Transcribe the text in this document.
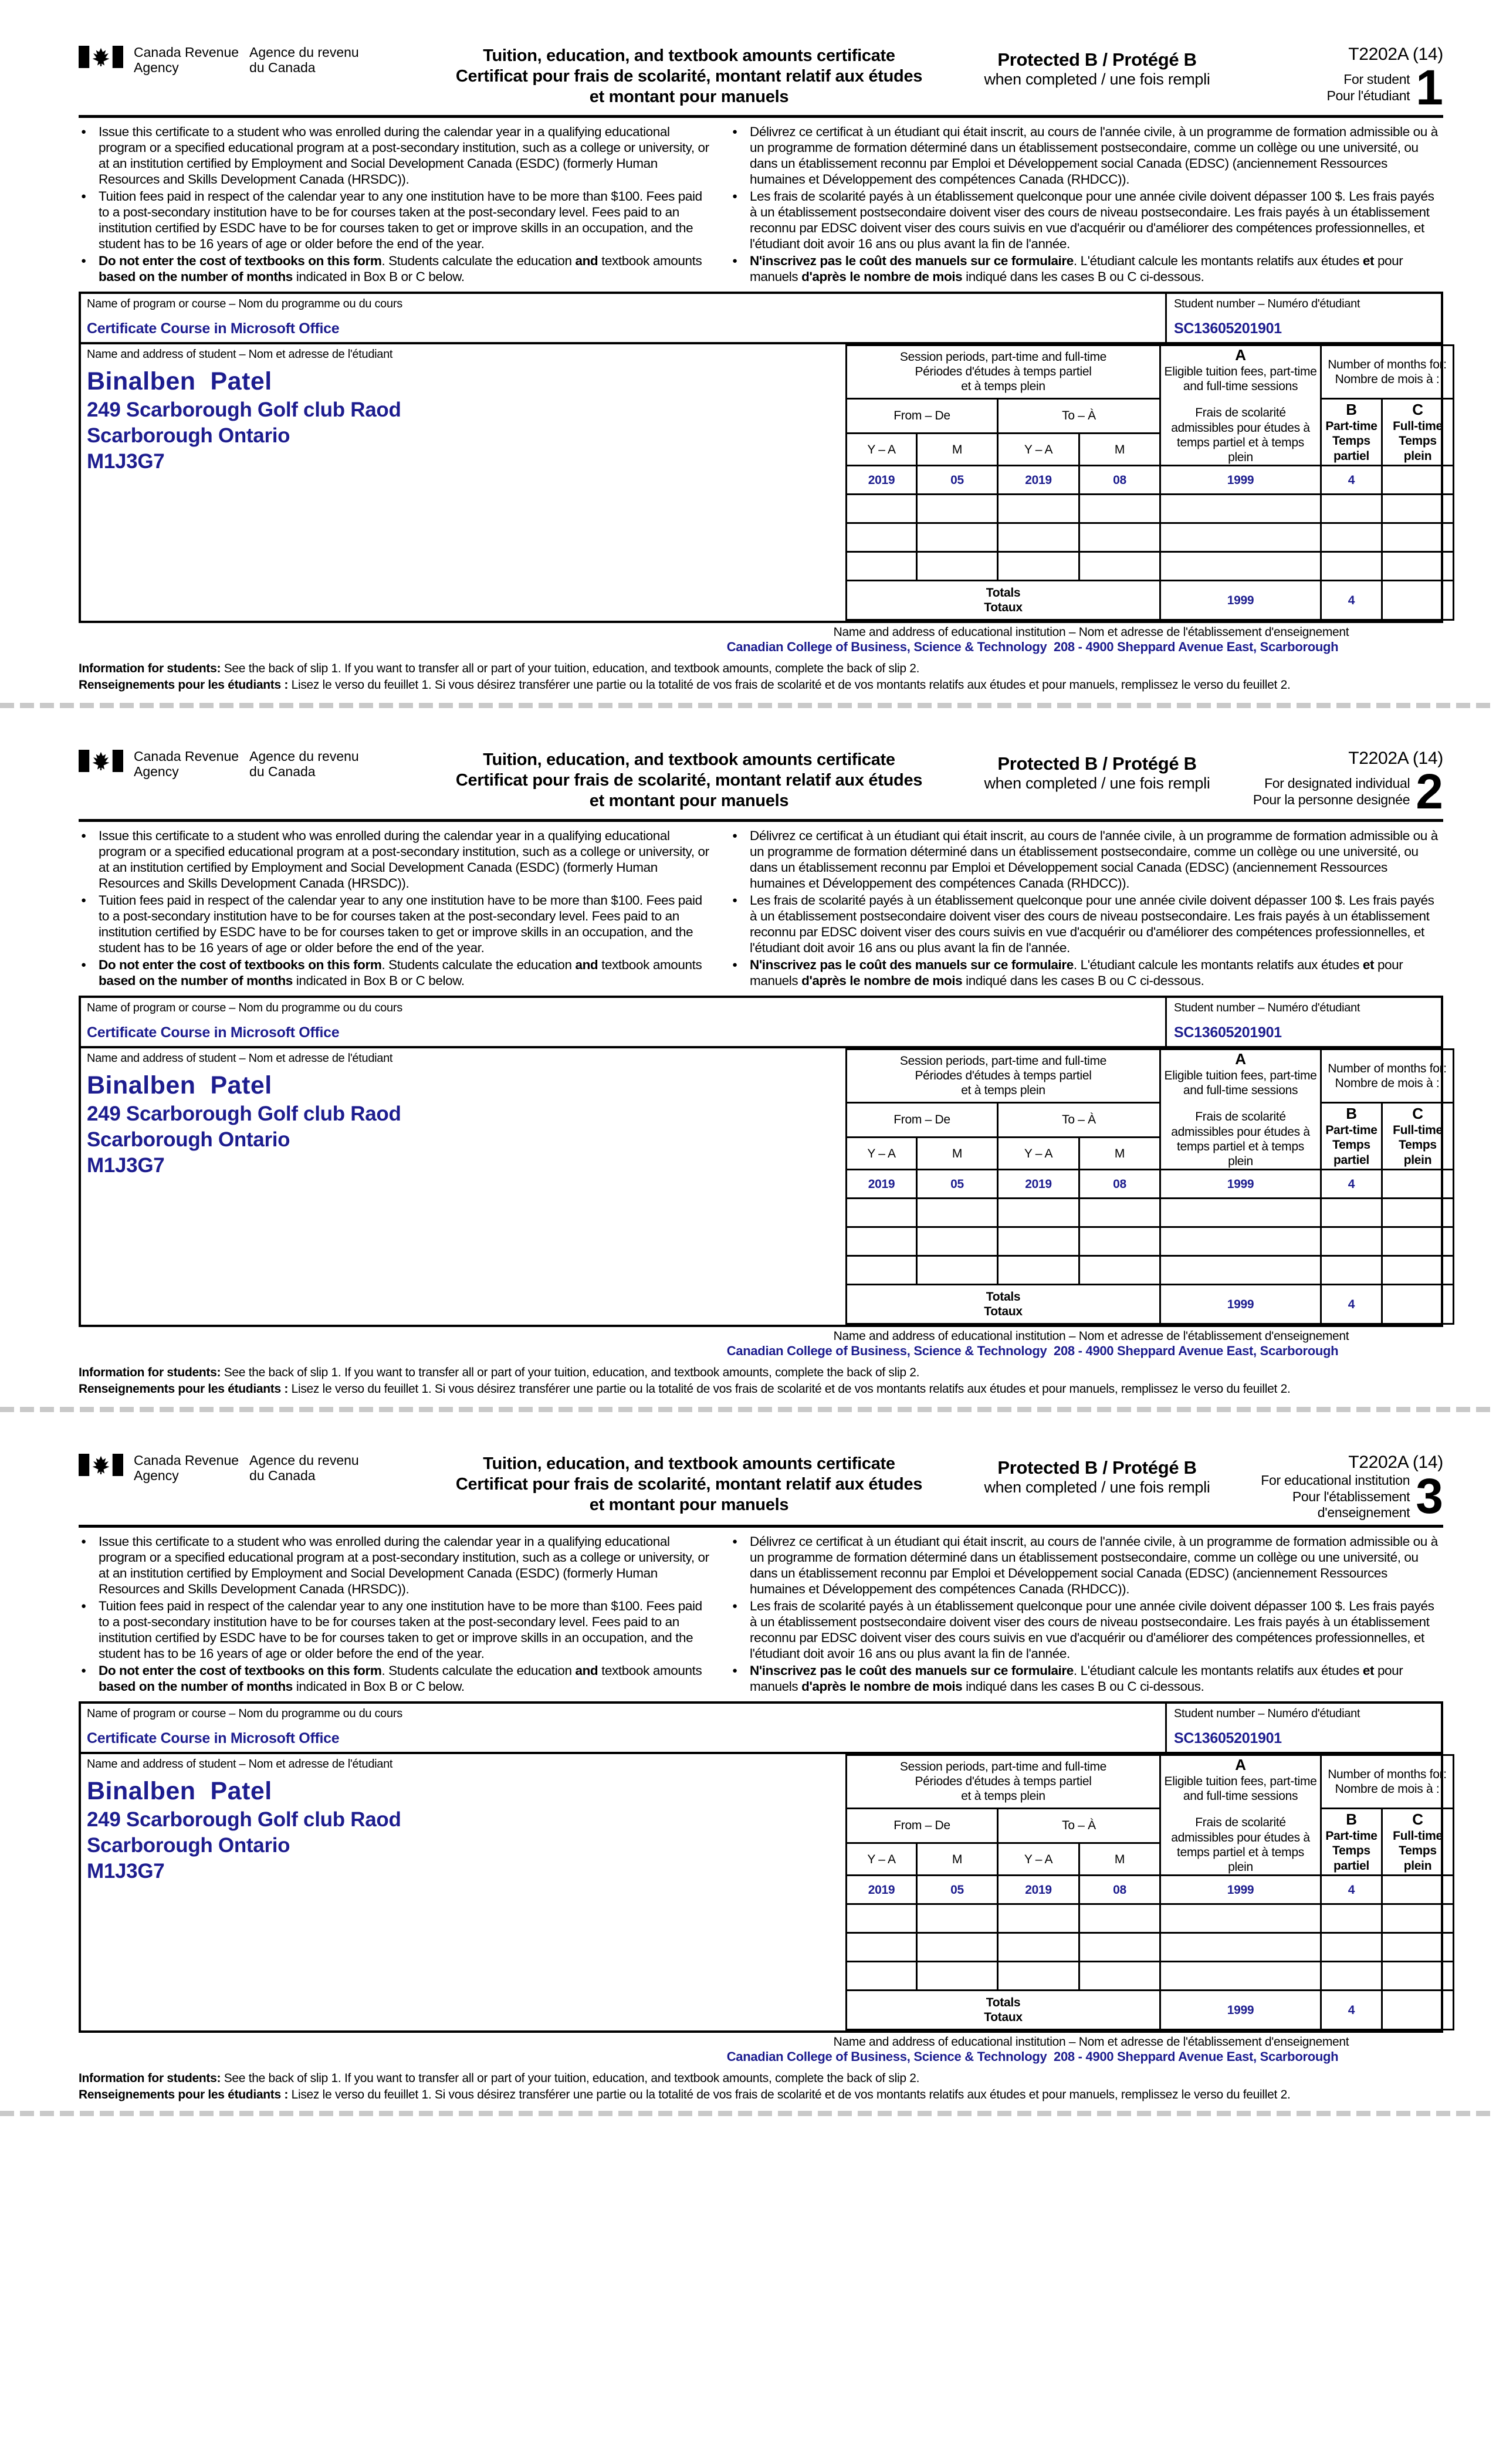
Canada Revenue
Agency
Agence du revenu
du Canada
Tuition, education, and textbook amounts certificate
Certificat pour frais de scolarité, montant relatif aux études
et montant pour manuels
Protected B / Protégé B
when completed / une fois rempli
T2202A (14)
For student
Pour l'étudiant 1
● Issue this certificate to a student who was enrolled during the calendar year in a qualifying educational program or a specified educational program at a post-secondary institution, such as a college or university, or at an institution certified by Employment and Social Development Canada (ESDC) (formerly Human Resources and Skills Development Canada (HRSDC)).
● Tuition fees paid in respect of the calendar year to any one institution have to be more than $100. Fees paid to a post-secondary institution have to be for courses taken at the post-secondary level. Fees paid to an institution certified by ESDC have to be for courses taken to get or improve skills in an occupation, and the student has to be 16 years of age or older before the end of the year.
● Do not enter the cost of textbooks on this form. Students calculate the education and textbook amounts based on the number of months indicated in Box B or C below.
● Délivrez ce certificat à un étudiant qui était inscrit, au cours de l'année civile, à un programme de formation admissible ou à un programme de formation déterminé dans un établissement postsecondaire, comme un collège ou une université, ou dans un établissement reconnu par Emploi et Développement social Canada (EDSC) (anciennement Ressources humaines et Développement des compétences Canada (RHDCC)).
● Les frais de scolarité payés à un établissement quelconque pour une année civile doivent dépasser 100 $. Les frais payés à un établissement postsecondaire doivent viser des cours de niveau postsecondaire. Les frais payés à un établissement reconnu par EDSC doivent viser des cours suivis en vue d'acquérir ou d'améliorer des compétences professionnelles, et l'étudiant doit avoir 16 ans ou plus avant la fin de l'année.
● N'inscrivez pas le coût des manuels sur ce formulaire. L'étudiant calcule les montants relatifs aux études et pour manuels d'après le nombre de mois indiqué dans les cases B ou C ci-dessous.
Name of program or course – Nom du programme ou du cours
Certificate Course in Microsoft Office
Student number – Numéro d'étudiant
SC13605201901
Name and address of student – Nom et adresse de l'étudiant
Binalben  Patel
249 Scarborough Golf club Raod
Scarborough Ontario
M1J3G7
Session periods, part-time and full-time
Périodes d'études à temps partiel
et à temps plein

A
Eligible tuition fees, part-time and full-time sessions
Frais de scolarité admissibles pour études à temps partiel et à temps plein

Number of months for:
Nombre de mois à :

From – De	To – À	B
Part-time
Temps
partiel

C
Full-time
Temps
plein

Y – A	M	Y – A	M			
2019	05	2019	08	1999	4	

Totals
Totaux				1999	4	
Name and address of educational institution – Nom et adresse de l'établissement d'enseignement
Canadian College of Business, Science & Technology  208 - 4900 Sheppard Avenue East, Scarborough
Information for students: See the back of slip 1. If you want to transfer all or part of your tuition, education, and textbook amounts, complete the back of slip 2.
Renseignements pour les étudiants : Lisez le verso du feuillet 1. Si vous désirez transférer une partie ou la totalité de vos frais de scolarité et de vos montants relatifs aux études et pour manuels, remplissez le verso du feuillet 2.
Canada Revenue
Agency
Agence du revenu
du Canada
Tuition, education, and textbook amounts certificate
Certificat pour frais de scolarité, montant relatif aux études
et montant pour manuels
Protected B / Protégé B
when completed / une fois rempli
T2202A (14)
For designated individual
Pour la personne designée 2
● Issue this certificate to a student who was enrolled during the calendar year in a qualifying educational program or a specified educational program at a post-secondary institution, such as a college or university, or at an institution certified by Employment and Social Development Canada (ESDC) (formerly Human Resources and Skills Development Canada (HRSDC)).
● Tuition fees paid in respect of the calendar year to any one institution have to be more than $100. Fees paid to a post-secondary institution have to be for courses taken at the post-secondary level. Fees paid to an institution certified by ESDC have to be for courses taken to get or improve skills in an occupation, and the student has to be 16 years of age or older before the end of the year.
● Do not enter the cost of textbooks on this form. Students calculate the education and textbook amounts based on the number of months indicated in Box B or C below.
● Délivrez ce certificat à un étudiant qui était inscrit, au cours de l'année civile, à un programme de formation admissible ou à un programme de formation déterminé dans un établissement postsecondaire, comme un collège ou une université, ou dans un établissement reconnu par Emploi et Développement social Canada (EDSC) (anciennement Ressources humaines et Développement des compétences Canada (RHDCC)).
● Les frais de scolarité payés à un établissement quelconque pour une année civile doivent dépasser 100 $. Les frais payés à un établissement postsecondaire doivent viser des cours de niveau postsecondaire. Les frais payés à un établissement reconnu par EDSC doivent viser des cours suivis en vue d'acquérir ou d'améliorer des compétences professionnelles, et l'étudiant doit avoir 16 ans ou plus avant la fin de l'année.
● N'inscrivez pas le coût des manuels sur ce formulaire. L'étudiant calcule les montants relatifs aux études et pour manuels d'après le nombre de mois indiqué dans les cases B ou C ci-dessous.
Name of program or course – Nom du programme ou du cours
Certificate Course in Microsoft Office
Student number – Numéro d'étudiant
SC13605201901
Name and address of student – Nom et adresse de l'étudiant
Binalben  Patel
249 Scarborough Golf club Raod
Scarborough Ontario
M1J3G7
Session periods, part-time and full-time
Périodes d'études à temps partiel
et à temps plein

A
Eligible tuition fees, part-time and full-time sessions
Frais de scolarité admissibles pour études à temps partiel et à temps plein

Number of months for:
Nombre de mois à :

From – De	To – À	B
Part-time
Temps
partiel

C
Full-time
Temps
plein

Y – A	M	Y – A	M			
2019	05	2019	08	1999	4	

Totals
Totaux				1999	4	
Name and address of educational institution – Nom et adresse de l'établissement d'enseignement
Canadian College of Business, Science & Technology  208 - 4900 Sheppard Avenue East, Scarborough
Information for students: See the back of slip 1. If you want to transfer all or part of your tuition, education, and textbook amounts, complete the back of slip 2.
Renseignements pour les étudiants : Lisez le verso du feuillet 1. Si vous désirez transférer une partie ou la totalité de vos frais de scolarité et de vos montants relatifs aux études et pour manuels, remplissez le verso du feuillet 2.
Canada Revenue
Agency
Agence du revenu
du Canada
Tuition, education, and textbook amounts certificate
Certificat pour frais de scolarité, montant relatif aux études
et montant pour manuels
Protected B / Protégé B
when completed / une fois rempli
T2202A (14)
For educational institution
Pour l'établissement d'enseignement 3
● Issue this certificate to a student who was enrolled during the calendar year in a qualifying educational program or a specified educational program at a post-secondary institution, such as a college or university, or at an institution certified by Employment and Social Development Canada (ESDC) (formerly Human Resources and Skills Development Canada (HRSDC)).
● Tuition fees paid in respect of the calendar year to any one institution have to be more than $100. Fees paid to a post-secondary institution have to be for courses taken at the post-secondary level. Fees paid to an institution certified by ESDC have to be for courses taken to get or improve skills in an occupation, and the student has to be 16 years of age or older before the end of the year.
● Do not enter the cost of textbooks on this form. Students calculate the education and textbook amounts based on the number of months indicated in Box B or C below.
● Délivrez ce certificat à un étudiant qui était inscrit, au cours de l'année civile, à un programme de formation admissible ou à un programme de formation déterminé dans un établissement postsecondaire, comme un collège ou une université, ou dans un établissement reconnu par Emploi et Développement social Canada (EDSC) (anciennement Ressources humaines et Développement des compétences Canada (RHDCC)).
● Les frais de scolarité payés à un établissement quelconque pour une année civile doivent dépasser 100 $. Les frais payés à un établissement postsecondaire doivent viser des cours de niveau postsecondaire. Les frais payés à un établissement reconnu par EDSC doivent viser des cours suivis en vue d'acquérir ou d'améliorer des compétences professionnelles, et l'étudiant doit avoir 16 ans ou plus avant la fin de l'année.
● N'inscrivez pas le coût des manuels sur ce formulaire. L'étudiant calcule les montants relatifs aux études et pour manuels d'après le nombre de mois indiqué dans les cases B ou C ci-dessous.
Name of program or course – Nom du programme ou du cours
Certificate Course in Microsoft Office
Student number – Numéro d'étudiant
SC13605201901
Name and address of student – Nom et adresse de l'étudiant
Binalben  Patel
249 Scarborough Golf club Raod
Scarborough Ontario
M1J3G7
Session periods, part-time and full-time
Périodes d'études à temps partiel
et à temps plein

A
Eligible tuition fees, part-time and full-time sessions
Frais de scolarité admissibles pour études à temps partiel et à temps plein

Number of months for:
Nombre de mois à :

From – De	To – À	B
Part-time
Temps
partiel

C
Full-time
Temps
plein

Y – A	M	Y – A	M			
2019	05	2019	08	1999	4	

Totals
Totaux				1999	4	
Name and address of educational institution – Nom et adresse de l'établissement d'enseignement
Canadian College of Business, Science & Technology  208 - 4900 Sheppard Avenue East, Scarborough
Information for students: See the back of slip 1. If you want to transfer all or part of your tuition, education, and textbook amounts, complete the back of slip 2.
Renseignements pour les étudiants : Lisez le verso du feuillet 1. Si vous désirez transférer une partie ou la totalité de vos frais de scolarité et de vos montants relatifs aux études et pour manuels, remplissez le verso du feuillet 2.
